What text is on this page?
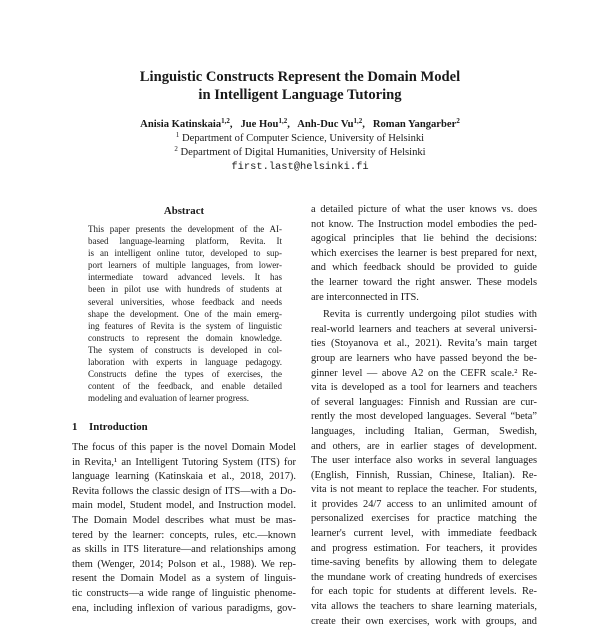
Linguistic Constructs Represent the Domain Model
in Intelligent Language Tutoring
Anisia Katinskaia$^{1,2}$, Jue Hou$^{1,2}$, Anh-Duc Vu$^{1,2}$, Roman Yangarber$^2$
$^1$ Department of Computer Science, University of Helsinki
$^2$ Department of Digital Humanities, University of Helsinki
first.last@helsinki.fi
Abstract
This paper presents the development of the AI-
based language-learning platform, Revita. It
is an intelligent online tutor, developed to sup-
port learners of multiple languages, from lower-
intermediate toward advanced levels. It has
been in pilot use with hundreds of students at
several universities, whose feedback and needs
shape the development. One of the main emerg-
ing features of Revita is the system of linguistic
constructs to represent the domain knowledge.
The system of constructs is developed in col-
laboration with experts in language pedagogy.
Constructs define the types of exercises, the
content of the feedback, and enable detailed
modeling and evaluation of learner progress.
1 Introduction
The focus of this paper is the novel Domain Model
in Revita,¹ an Intelligent Tutoring System (ITS) for
language learning (Katinskaia et al., 2018, 2017).
Revita follows the classic design of ITS—with a Do-
main model, Student model, and Instruction model.
The Domain Model describes what must be mas-
tered by the learner: concepts, rules, etc.—known
as skills in ITS literature—and relationships among
them (Wenger, 2014; Polson et al., 1988). We rep-
resent the Domain Model as a system of linguis-
tic constructs—a wide range of linguistic phenome-
ena, including inflexion of various paradigms, gov-
a detailed picture of what the user knows vs. does
not know. The Instruction model embodies the ped-
agogical principles that lie behind the decisions:
which exercises the learner is best prepared for next,
and which feedback should be provided to guide
the learner toward the right answer. These models
are interconnected in ITS.
Revita is currently undergoing pilot studies with
real-world learners and teachers at several universi-
ties (Stoyanova et al., 2021). Revita’s main target
group are learners who have passed beyond the be-
ginner level — above A2 on the CEFR scale.² Re-
vita is developed as a tool for learners and teachers
of several languages: Finnish and Russian are cur-
rently the most developed languages. Several “beta”
languages, including Italian, German, Swedish,
and others, are in earlier stages of development.
The user interface also works in several languages
(English, Finnish, Russian, Chinese, Italian). Re-
vita is not meant to replace the teacher. For students,
it provides 24/7 access to an unlimited amount of
personalized exercises for practice matching the
learner's current level, with immediate feedback
and progress estimation. For teachers, it provides
time-saving benefits by allowing them to delegate
the mundane work of creating hundreds of exercises
for each topic for students at different levels. Re-
vita allows the teachers to share learning materials,
create their own exercises, work with groups, and
